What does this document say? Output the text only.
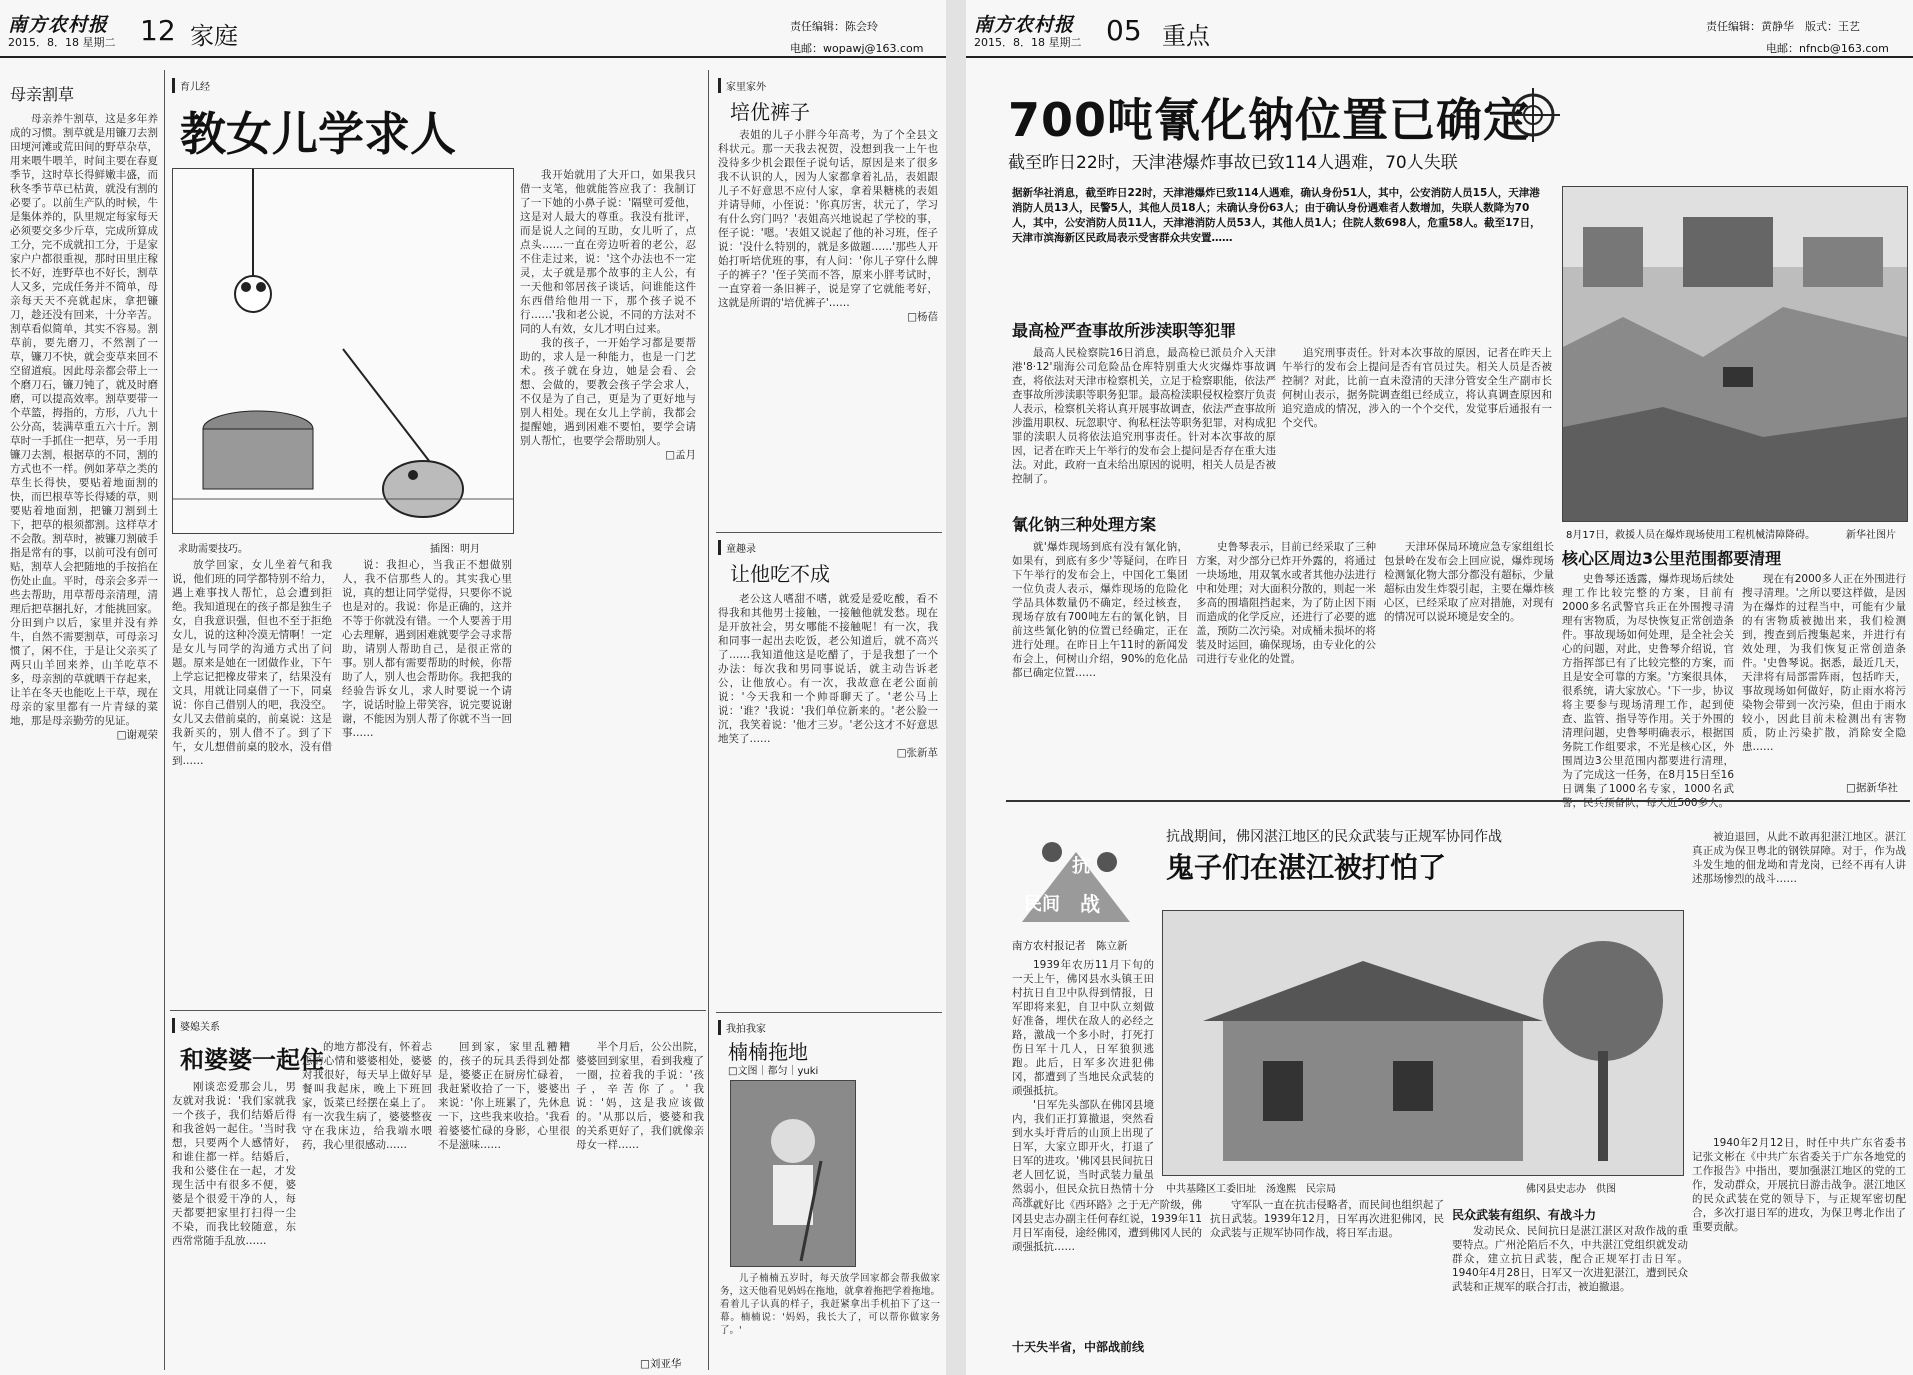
南方农村报
2015．8．18 星期二 12 家庭	责任编辑：陈会玲
电邮：wopawj@163.com
母亲割草

母亲养牛割草，这是多年养成的习惯。割草就是用镰刀去割田埂河滩或荒田间的野草杂草，用来喂牛喂羊，时间主要在春夏季节，这时草长得鲜嫩丰盛，而秋冬季节草已枯黄，就没有割的必要了。以前生产队的时候，牛是集体养的，队里规定每家每天必须要交多少斤草，完成所算成工分，完不成就扣工分，于是家家户户都很重视，那时田里庄稼长不好，连野草也不好长，割草人又多，完成任务并不简单，母亲每天天不亮就起床，拿把镰刀，趁还没有回来，十分辛苦。割草看似简单，其实不容易。割草前，要先磨刀，不然割了一草，镰刀不快，就会变草来回不空留道痕。因此母亲都会带上一个磨刀石，镰刀钝了，就及时磨磨，可以提高效率。割草要带一个草篮，拇指的，方形，八九十公分高，装满草重五六十斤。割草时一手抓住一把草，另一手用镰刀去割，根据草的不同，割的方式也不一样。例如茅草之类的草生长得快，要贴着地面割的快，而巴根草等长得矮的草，则要贴着地面割，把镰刀割到土下，把草的根须都割。这样草才不会散。割草时，被镰刀割破手指是常有的事，以前可没有创可贴，割草人会把随地的手按掐在伤处止血。平时，母亲会多弄一些去帮助，用草帮母亲清理，清理后把草捆扎好，才能挑回家。分田到户以后，家里并没有养牛，自然不需要割草，可母亲习惯了，闲不住，于是让父亲买了两只山羊回来养，山羊吃草不多，母亲割的草就晒干存起来，让羊在冬天也能吃上干草，现在母亲的家里都有一片青绿的菜地，那是母亲勤劳的见证。

□谢观荣
育儿经
教女儿学求人
求助需要技巧。	插图：明月

放学回家，女儿坐着气和我说，他们班的同学都特别不给力，遇上难事找人帮忙，总会遭到拒绝。我知道现在的孩子都是独生子女，自我意识强，但也不至于拒绝女儿，说的这种冷漠无情啊！一定是女儿与同学的沟通方式出了问题。原来是她在一团做作业，下午上学忘记把橡皮带来了，结果没有文具，用就让同桌借了一下，同桌说：你自己借别人的吧，我没空。女儿又去借前桌的，前桌说：这是我新买的，别人借不了。到了下午，女儿想借前桌的胶水，没有借到……

说：我担心，当我正不想做别人，我不信那些人的。其实我心里说，真的想让同学觉得，只要你不说也是对的。我说：你是正确的，这并不等于你就没有错。一个人要善于用心去理解，遇到困难就要学会寻求帮助，请别人帮助自己，是很正常的事。别人都有需要帮助的时候，你帮助了人，别人也会帮助你。我把我的经验告诉女儿，求人时要说一个请字，说话时脸上带笑容，说完要说谢谢，不能因为别人帮了你就不当一回事……

我开始就用了大开口，如果我只借一支笔，他就能答应我了：我制订了一下她的小鼻子说：'隔壁可爱他，这是对人最大的尊重。我没有批评，而是说人之间的互助，女儿听了，点点头……一直在旁边听着的老公，忍不住走过来，说：'这个办法也不一定灵，太子就是那个故事的主人公，有一天他和邻居孩子谈话，问谁能这件东西借给他用一下，那个孩子说不行……'我和老公说，不同的方法对不同的人有效，女儿才明白过来。

我的孩子，一开始学习都是要帮助的，求人是一种能力，也是一门艺术。孩子就在身边，她是会看、会想、会做的，要教会孩子学会求人，不仅是为了自己，更是为了更好地与别人相处。现在女儿上学前，我都会提醒她，遇到困难不要怕，要学会请别人帮忙，也要学会帮助别人。

□孟月
家里家外
培优裤子

表姐的儿子小胖今年高考，为了个全县文科状元。那一天我去祝贺，没想到我一上午也没待多少机会跟侄子说句话，原因是来了很多我不认识的人，因为人家都拿着礼品，表姐跟儿子不好意思不应付人家，拿着果糖桃的表姐并请导师，小侄说：'你真厉害，状元了，学习有什么窍门吗？'表姐高兴地说起了学校的事，侄子说：'嗯。'表姐又说起了他的补习班，侄子说：'没什么特别的，就是多做题……'那些人开始打听培优班的事，有人问：'你儿子穿什么牌子的裤子？'侄子笑而不答，原来小胖考试时，一直穿着一条旧裤子，说是穿了它就能考好，这就是所谓的'培优裤子'……

□杨蓓
童趣录
让他吃不成

老公这人嗜甜不嗜，就爱是爱吃酸，看不得我和其他男士接触，一接触他就发愁。现在是开放社会，男女哪能不接触呢！有一次，我和同事一起出去吃饭，老公知道后，就不高兴了……我知道他这是吃醋了，于是我想了一个办法：每次我和男同事说话，就主动告诉老公，让他放心。有一次，我故意在老公面前说：'今天我和一个帅哥聊天了。'老公马上说：'谁？'我说：'我们单位新来的。'老公脸一沉，我笑着说：'他才三岁。'老公这才不好意思地笑了……

□张新革
我拍我家
楠楠拖地
□文图｜都匀｜yuki

儿子楠楠五岁时，每天放学回家都会帮我做家务，这天他看见妈妈在拖地，就拿着拖把学着拖地。看着儿子认真的样子，我赶紧拿出手机拍下了这一幕。楠楠说：'妈妈，我长大了，可以帮你做家务了。'

婆媳关系
和婆婆一起住

刚谈恋爱那会儿，男友就对我说：'我们家就我一个孩子，我们结婚后得和我爸妈一起住。'当时我想，只要两个人感情好，和谁住都一样。结婚后，我和公婆住在一起，才发现生活中有很多不便，婆婆是个很爱干净的人，每天都要把家里打扫得一尘不染，而我比较随意，东西常常随手乱放……

的地方都没有，怀着忐忑的心情和婆婆相处，婆婆对我很好，每天早上做好早餐叫我起床，晚上下班回家，饭菜已经摆在桌上了。有一次我生病了，婆婆整夜守在我床边，给我端水喂药，我心里很感动……

回到家，家里乱糟糟的，孩子的玩具丢得到处都是，婆婆正在厨房忙碌着，我赶紧收拾了一下，婆婆出来说：'你上班累了，先休息一下，这些我来收拾。'我看着婆婆忙碌的身影，心里很不是滋味……

半个月后，公公出院，婆婆回到家里，看到我瘦了一圈，拉着我的手说：'孩子，辛苦你了。'我说：'妈，这是我应该做的。'从那以后，婆婆和我的关系更好了，我们就像亲母女一样……

□刘亚华
南方农村报
2015．8．18 星期二 05 重点	责任编辑：黄静华　版式：王艺
电邮：nfncb@163.com
700吨氰化钠位置已确定
截至昨日22时，天津港爆炸事故已致114人遇难，70人失联
据新华社消息，截至昨日22时，天津港爆炸已致114人遇难，确认身份51人，其中，公安消防人员15人，天津港消防人员13人，民警5人，其他人员18人；未确认身份63人；由于确认身份遇难者人数增加，失联人数降为70人，其中，公安消防人员11人，天津港消防人员53人，其他人员1人；住院人数698人，危重58人。截至17日，天津市滨海新区民政局表示受害群众共安置……
8月17日，救援人员在爆炸现场使用工程机械清障降碍。	新华社图片
最高检严查事故所涉渎职等犯罪

最高人民检察院16日消息，最高检已派员介入天津港'8·12'瑞海公司危险品仓库特别重大火灾爆炸事故调查，将依法对天津市检察机关，立足于检察职能，依法严查事故所涉渎职等职务犯罪。最高检渎职侵权检察厅负责人表示，检察机关将认真开展事故调查，依法严查事故所涉滥用职权、玩忽职守、徇私枉法等职务犯罪，对构成犯罪的渎职人员将依法追究刑事责任。针对本次事故的原因，记者在昨天上午举行的发布会上提问是否存在重大违法。对此，政府一直未给出原因的说明，相关人员是否被控制了。

追究刑事责任。针对本次事故的原因，记者在昨天上午举行的发布会上提问是否有官员过失。相关人员是否被控制？对此，比前一直未澄清的天津分管安全生产副市长何树山表示，据务院调查组已经成立，将认真调查原因和追究造成的情况，涉入的一个个交代，发觉事后通报有一个交代。

氰化钠三种处理方案

就'爆炸现场到底有没有氰化钠，如果有，到底有多少'等疑问，在昨日下午举行的发布会上，中国化工集团一位负责人表示，爆炸现场的危险化学品具体数量仍不确定，经过核查，现场存放有700吨左右的氰化钠，目前这些氰化钠的位置已经确定，正在进行处理。在昨日上午11时的新闻发布会上，何树山介绍，90%的危化品都已确定位置……

史鲁琴表示，目前已经采取了三种方案，对少部分已炸开外露的，将通过一块场地，用双氧水或者其他办法进行中和处理；对大面积分散的，则起一米多高的围墙阻挡起来，为了防止因下雨而造成的化学反应，还进行了必要的遮盖，预防二次污染。对成桶未损坏的将装及时运回，确保现场，由专业化的公司进行专业化的处置。

天津环保局环境应急专家组组长包景岭在发布会上回应说，爆炸现场检测氰化物大部分都没有超标，少量超标由发生炸裂引起，主要在爆炸核心区，已经采取了应对措施，对现有的情况可以说环境是安全的。

核心区周边3公里范围都要清理

史鲁琴还透露，爆炸现场后续处理工作比较完整的方案，目前有2000多名武警官兵正在外围搜寻清理有害物质，为尽快恢复正常创造条件。事故现场如何处理，是全社会关心的问题，对此，史鲁琴介绍说，官方指挥部已有了比较完整的方案，而且是安全可靠的方案。'方案很具体，很系统，请大家放心。'下一步，协议将主要参与现场清理工作，起到使查、监管、指导等作用。关于外围的清理问题，史鲁琴明确表示，根据国务院工作组要求，不光是核心区，外围周边3公里范围内都要进行清理，为了完成这一任务，在8月15日至16日调集了1000名专家，1000名武警，民兵预备队，每天近500多人。

现在有2000多人正在外围进行搜寻清理。'之所以要这样做，是因为在爆炸的过程当中，可能有少量的有害物质被抛出来，我们检测到，搜查到后搜集起来，并进行有效处理，为我们恢复正常创造条件。'史鲁琴说。据悉，最近几天，天津将有局部雷阵雨，包括昨天，事故现场如何做好，防止雨水将污染物会带到一次污染，但由于雨水较小，因此目前未检测出有害物质，防止污染扩散，消除安全隐患……

□据新华社
抗
民间 战
抗战期间，佛冈湛江地区的民众武装与正规军协同作战
鬼子们在湛江被打怕了
南方农村报记者　陈立新
中共基隆区工委旧址　汤逸熙　民宗局	佛冈县史志办　供图

1939年农历11月下旬的一天上午，佛冈县水头镇王田村抗日自卫中队得到情报，日军即将来犯，自卫中队立刻做好准备，埋伏在敌人的必经之路，激战一个多小时，打死打伤日军十几人，日军狼狈逃跑。此后，日军多次进犯佛冈，都遭到了当地民众武装的顽强抵抗。

'日军先头部队在佛冈县境内，我们正打算撤退，突然看到水头圩背后的山顶上出现了日军，大家立即开火，打退了日军的进攻。'佛冈县民间抗日老人回忆说，当时武装力量虽然弱小，但民众抗日热情十分高涨。

就好比《西环路》之于无产阶级，佛冈县史志办副主任何春红说，1939年11月日军南侵，途经佛冈，遭到佛冈人民的顽强抵抗……

十天失半省，中部战前线

守军队一直在抗击侵略者，而民间也组织起了抗日武装。1939年12月，日军再次进犯佛冈，民众武装与正规军协同作战，将日军击退。

被迫退回，从此不敢再犯湛江地区。湛江真正成为保卫粤北的钢铁屏障。对于，作为战斗发生地的佃龙坳和青龙岗，已经不再有人讲述那场惨烈的战斗……

民众武装有组织、有战斗力

发动民众、民间抗日是湛江湛区对敌作战的重要特点。广州沦陷后不久，中共湛江党组织就发动群众，建立抗日武装，配合正规军打击日军。1940年4月28日，日军又一次进犯湛江，遭到民众武装和正规军的联合打击，被迫撤退。

1940年2月12日，时任中共广东省委书记张文彬在《中共广东省委关于广东各地党的工作报告》中指出，要加强湛江地区的党的工作，发动群众，开展抗日游击战争。湛江地区的民众武装在党的领导下，与正规军密切配合，多次打退日军的进攻，为保卫粤北作出了重要贡献。
